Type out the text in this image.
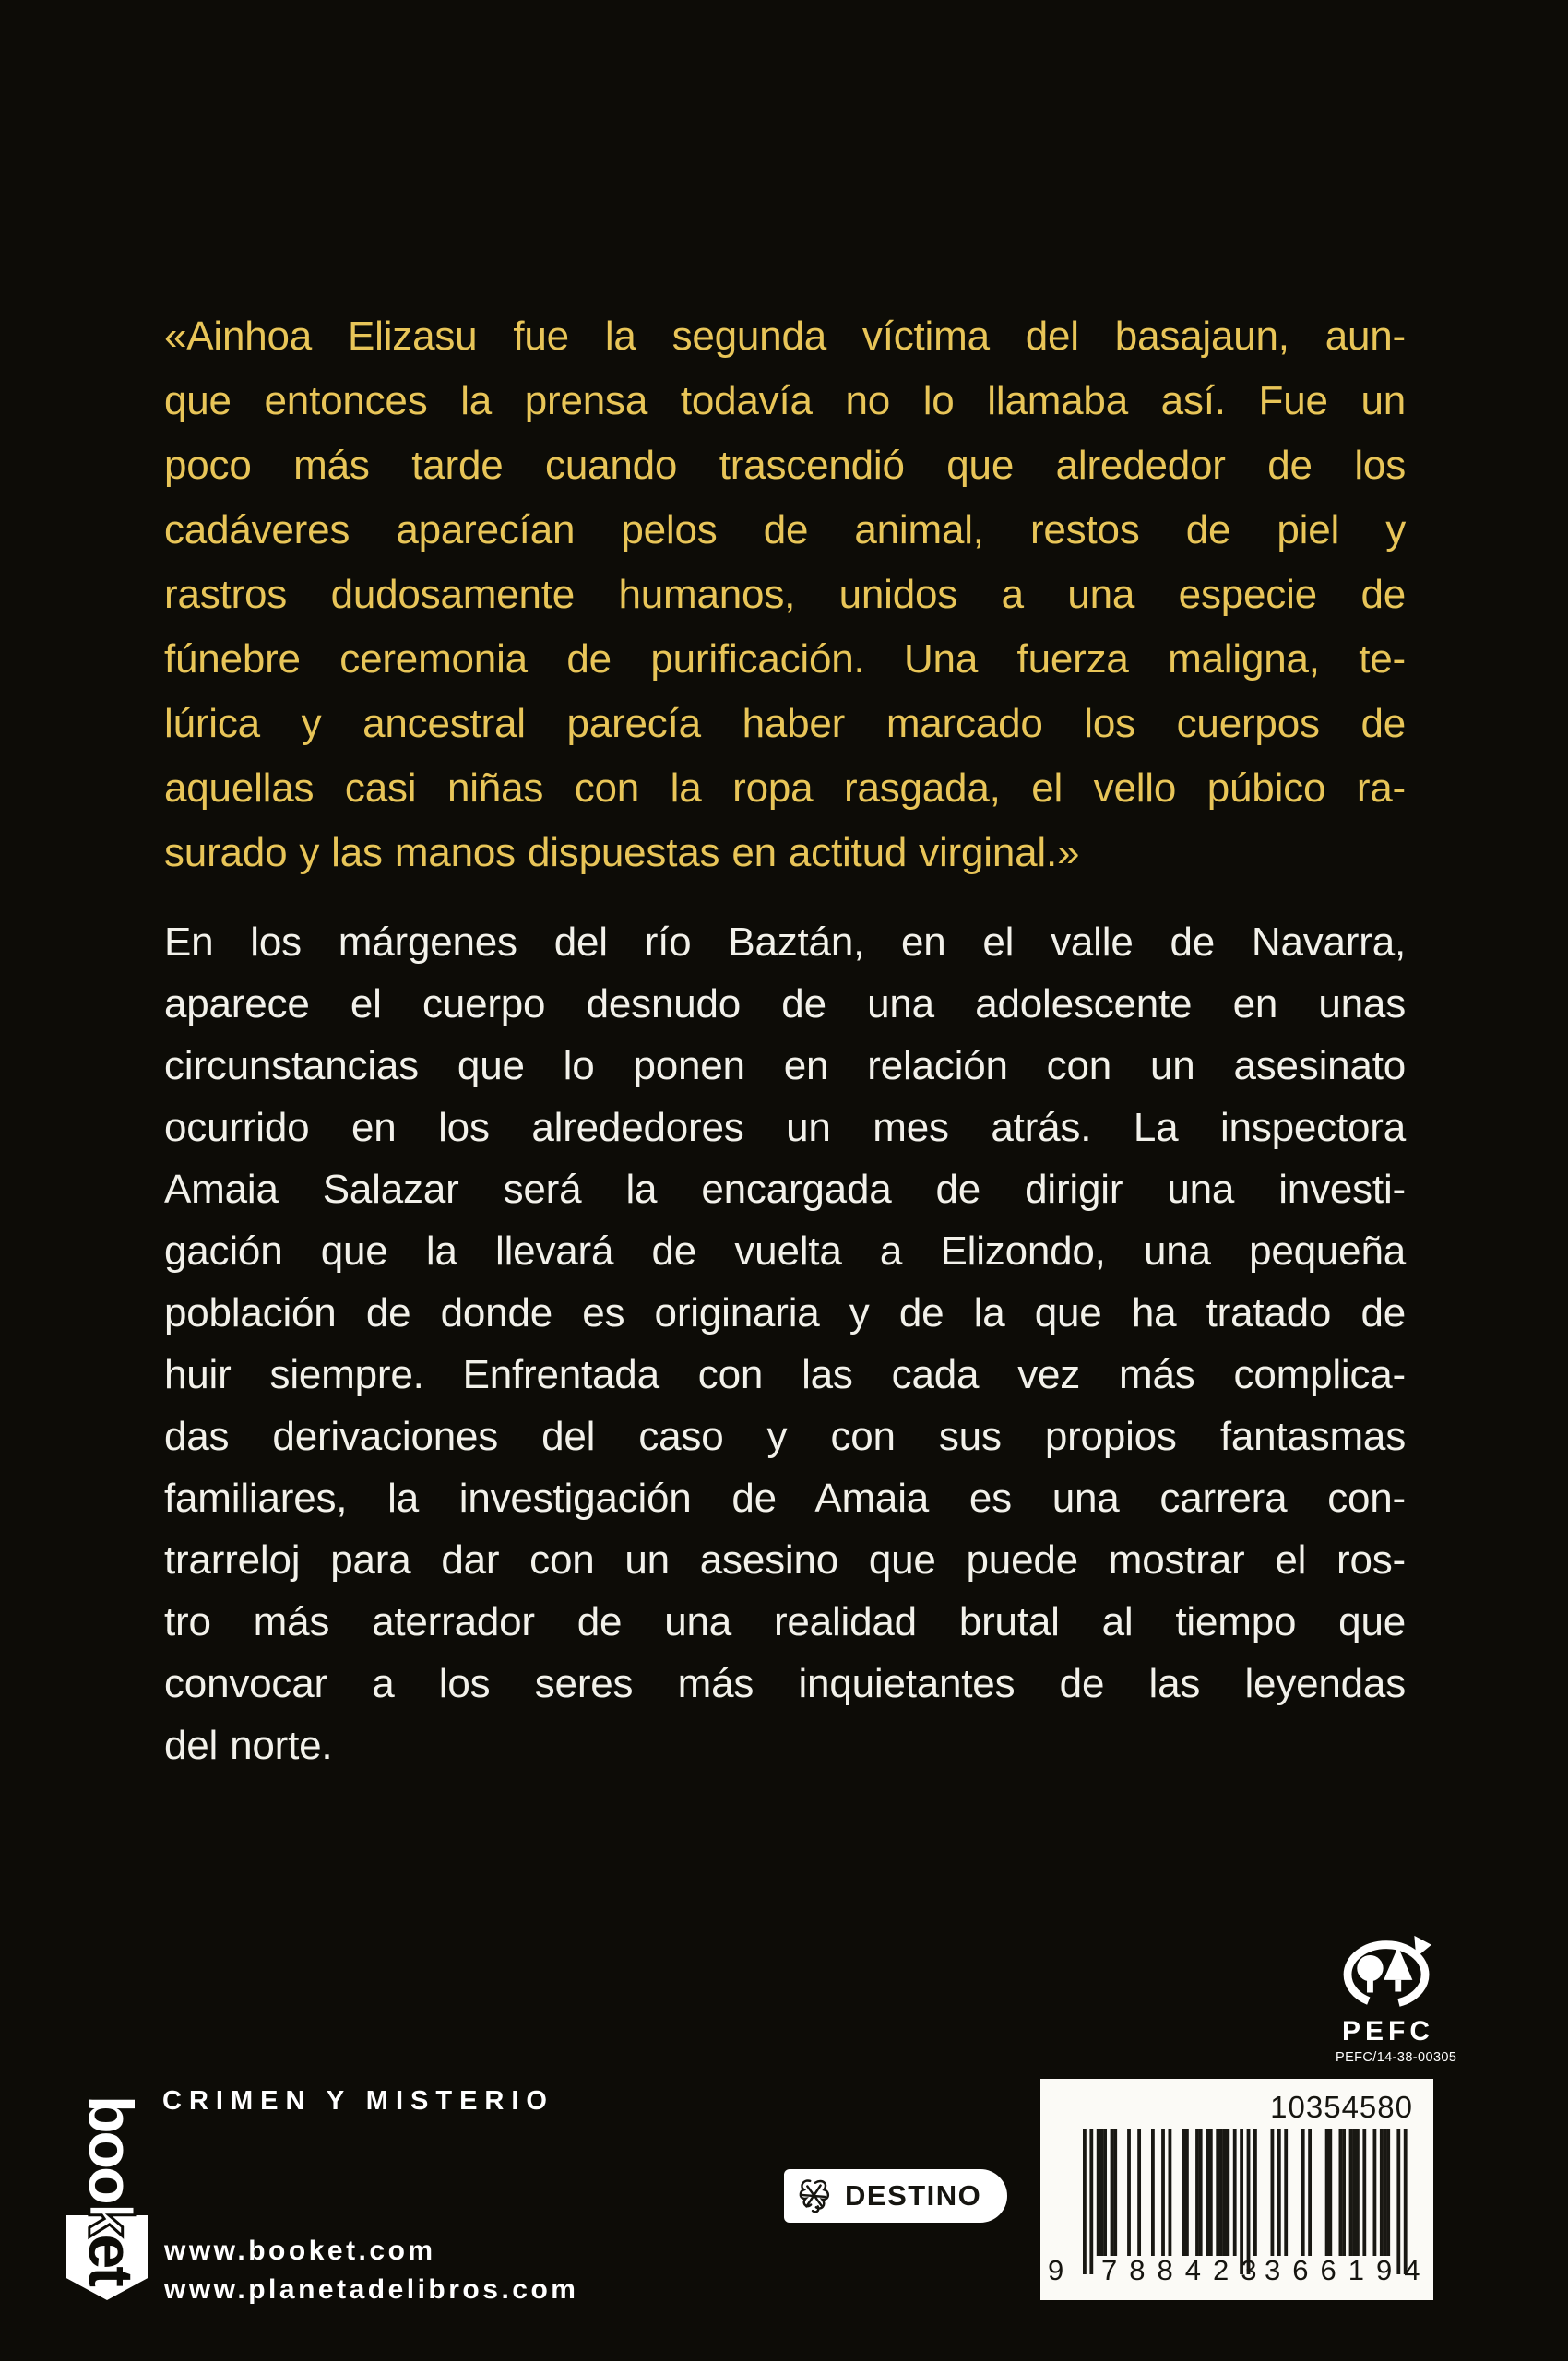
«Ainhoa Elizasu fue la segunda víctima del basajaun, aun-
que entonces la prensa todavía no lo llamaba así. Fue un
poco más tarde cuando trascendió que alrededor de los
cadáveres aparecían pelos de animal, restos de piel y
rastros dudosamente humanos, unidos a una especie de
fúnebre ceremonia de purificación. Una fuerza maligna, te-
lúrica y ancestral parecía haber marcado los cuerpos de
aquellas casi niñas con la ropa rasgada, el vello púbico ra-
surado y las manos dispuestas en actitud virginal.»
En los márgenes del río Baztán, en el valle de Navarra,
aparece el cuerpo desnudo de una adolescente en unas
circunstancias que lo ponen en relación con un asesinato
ocurrido en los alrededores un mes atrás. La inspectora
Amaia Salazar será la encargada de dirigir una investi-
gación que la llevará de vuelta a Elizondo, una pequeña
población de donde es originaria y de la que ha tratado de
huir siempre. Enfrentada con las cada vez más complica-
das derivaciones del caso y con sus propios fantasmas
familiares, la investigación de Amaia es una carrera con-
trarreloj para dar con un asesino que puede mostrar el ros-
tro más aterrador de una realidad brutal al tiempo que
convocar a los seres más inquietantes de las leyendas
del norte.
booket
CRIMEN Y MISTERIO
www.booket.com
www.planetadelibros.com
DESTINO
PEFC
PEFC/14-38-00305
10354580
9 788423
366194
